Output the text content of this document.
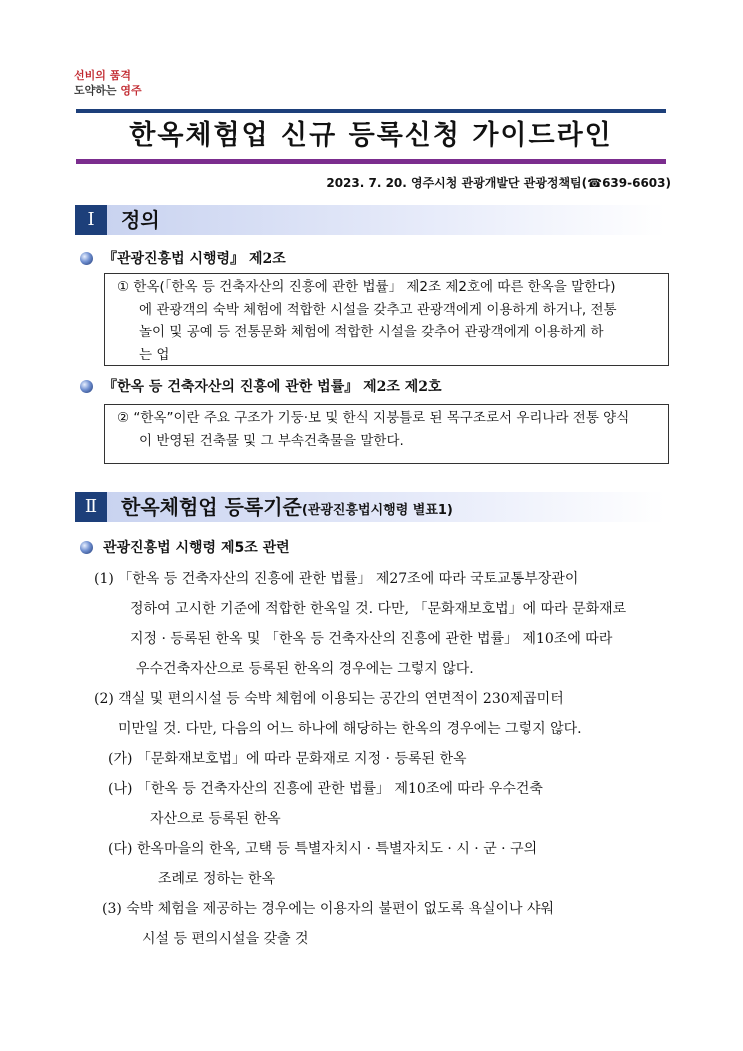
선비의 품격
도약하는 영주
한옥체험업 신규 등록신청 가이드라인
2023. 7. 20. 영주시청 관광개발단 관광정책팀(☎639-6603)
Ⅰ	정의
『관광진흥법 시행령』 제2조
① 한옥(「한옥 등 건축자산의 진흥에 관한 법률」 제2조 제2호에 따른 한옥을 말한다)
에 관광객의 숙박 체험에 적합한 시설을 갖추고 관광객에게 이용하게 하거나, 전통
놀이 및 공예 등 전통문화 체험에 적합한 시설을 갖추어 관광객에게 이용하게 하
는 업
『한옥 등 건축자산의 진흥에 관한 법률』 제2조 제2호
② “한옥”이란 주요 구조가 기둥·보 및 한식 지붕틀로 된 목구조로서 우리나라 전통 양식
이 반영된 건축물 및 그 부속건축물을 말한다.
Ⅱ	한옥체험업 등록기준(관광진흥법시행령 별표1)
관광진흥법 시행령 제5조 관련
(1) 「한옥 등 건축자산의 진흥에 관한 법률」 제27조에 따라 국토교통부장관이
정하여 고시한 기준에 적합한 한옥일 것. 다만, 「문화재보호법」에 따라 문화재로
지정 · 등록된 한옥 및 「한옥 등 건축자산의 진흥에 관한 법률」 제10조에 따라
우수건축자산으로 등록된 한옥의 경우에는 그렇지 않다.
(2) 객실 및 편의시설 등 숙박 체험에 이용되는 공간의 연면적이 230제곱미터
미만일 것. 다만, 다음의 어느 하나에 해당하는 한옥의 경우에는 그렇지 않다.
(가) 「문화재보호법」에 따라 문화재로 지정 · 등록된 한옥
(나) 「한옥 등 건축자산의 진흥에 관한 법률」 제10조에 따라 우수건축
자산으로 등록된 한옥
(다) 한옥마을의 한옥, 고택 등 특별자치시 · 특별자치도 · 시 · 군 · 구의
조례로 정하는 한옥
(3) 숙박 체험을 제공하는 경우에는 이용자의 불편이 없도록 욕실이나 샤워
시설 등 편의시설을 갖출 것
